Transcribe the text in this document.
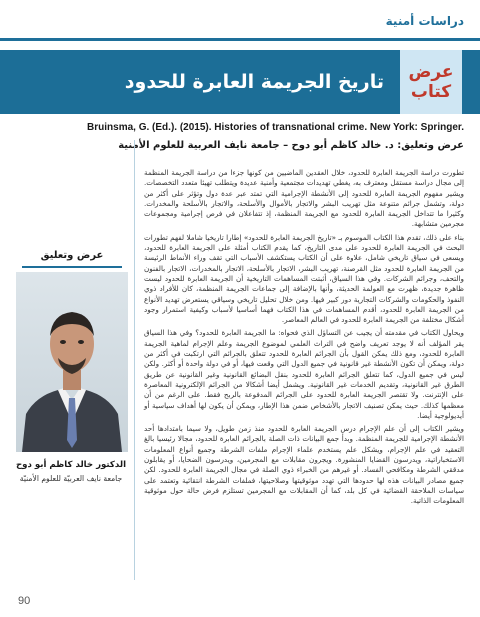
دراسات أمنية
عرض
كتاب
تاريخ الجريمة العابرة للحدود
Bruinsma, G. (Ed.). (2015). Histories of transnational crime. New York: Springer.
عرض وتعليق: د. خالد كاظم أبو دوح – جامعة نايف العربية للعلوم الأمنية

تطورت دراسة الجريمة العابرة للحدود، خلال العقدين الماضيين من كونها جزءا من دراسة الجريمة المنظمة إلى مجال دراسة مستقل ومعترف به، يغطي تهديدات مجتمعية وأمنية عديدة ويتطلب تهيئا متعدد التخصصات. ويشير مفهوم الجريمة العابرة للحدود إلى الأنشطة الإجرامية التي تمتد عبر عدة دول وتؤثر على أكثر من دولة، وتشمل جرائم متنوعة مثل تهريب البشر والاتجار بالأموال والأسلحة، والاتجار بالأسلحة والمخدرات. وكثيرا ما تتداخل الجريمة العابرة للحدود مع الجريمة المنظمة، إذ تتفاعلان في فرص إجرامية ومجموعات مجرمين متشابهة.

بناء على ذلك، تقدم هذا الكتاب الموسوم بـ «تاريخ الجريمة العابرة للحدود» إطارا تاريخيا شاملا لفهم تطورات البحث في الجريمة العابرة للحدود على مدى التاريخ، كما يقدم الكتاب أمثلة على الجريمة العابرة للحدود، ويسعى في سياق تاريخي شامل، علاوة على أن الكتاب يستكشف الأسباب التي تقف وراء الأنماط الرئيسة من الجريمة العابرة للحدود مثل القرصنة، تهريب البشر، الاتجار بالأسلحة، الاتجار بالمخدرات، الاتجار بالفنون والتحف، وجرائم الشركات. وفي هذا السياق، أثبتت المساهمات التاريخية أن الجريمة العابرة للحدود ليست ظاهرة جديدة، ظهرت مع العولمة الحديثة، وأنها بالإضافة إلى جماعات الجريمة المنظمة، كان للأفراد ذوي النفوذ والحكومات والشركات التجارية دور كبير فيها. ومن خلال تحليل تاريخي وسياقي يستعرض تهديد الأنواع من الجريمة العابرة للحدود، أقدم المساهمات في هذا الكتاب فهما أساسيا لأسباب وكيفية استمرار وجود أشكال مختلفة من الجريمة العابرة للحدود في العالم المعاصر.

ويحاول الكتاب في مقدمته أن يجيب عن التساؤل الذي فحواه: ما الجريمة العابرة للحدود؟ وفي هذا السياق يقر المؤلف أنه لا يوجد تعريف واضح في التراث العلمي لموضوع الجريمة وعلم الإجرام لماهية الجريمة العابرة للحدود، ومع ذلك يمكن القول بأن الجرائم العابرة للحدود تتعلق بالجرائم التي ارتكبت في أكثر من دولة، ويمكن أن تكون الأنشطة غير قانونية في جميع الدول التي وقعت فيها، أو في دولة واحدة أو أكثر. ولكن ليس في جميع الدول، كما تتعلق الجرائم العابرة للحدود بنقل البضائع القانونية وغير القانونية عن طريق الطرق غير القانونية، وتقديم الخدمات غير القانونية. ويشمل أيضا أشكالا من الجرائم الإلكترونية المعاصرة على الإنترنت. ولا تقتصر الجريمة العابرة للحدود على الجرائم المدفوعة بالربح فقط. على الرغم من أن معظمها كذلك. حيث يمكن تصنيف الاتجار بالأشخاص ضمن هذا الإطار، ويمكن أن يكون لها أهداف سياسية أو أيديولوجية أيضا.

ويشير الكتاب إلى أن علم الإجرام درس الجريمة العابرة للحدود منذ زمن طويل، ولا سيما بامتدادها أحد الأنشطة الإجرامية للجريمة المنظمة. وبدأ جمع البيانات ذات الصلة بالجرائم العابرة للحدود، مجالا رئيسيا بالغ التعقيد في علم الإجرام، ويشكل علم يستخدم علماء الإجرام ملفات الشرطة وجميع أنواع المعلومات الاستخباراتية، ويدرسون القضايا المنشورة. ويجرون مقابلات مع المجرمين، ويدرسون الضحايا، أو يقابلون مدققي الشرطة ومكافحي الفساد. أو غيرهم من الخبراء ذوي الصلة في مجال الجريمة العابرة للحدود. لكن جميع مصادر البيانات هذه لها حدودها التي تهدد موثوقيتها وصلاحيتها، فملفات الشرطة انتقائية وتعتمد على سياسات الملاحقة القضائية في كل بلد، كما أن المقابلات مع المجرمين تستلزم فرض حالة حول موثوقية المعلومات الذاتية.

عرض وتعليق
الدكتور خالد كاظم أبو دوح
جامعة نايف العربيّة للعلوم الأمنيّة
90
